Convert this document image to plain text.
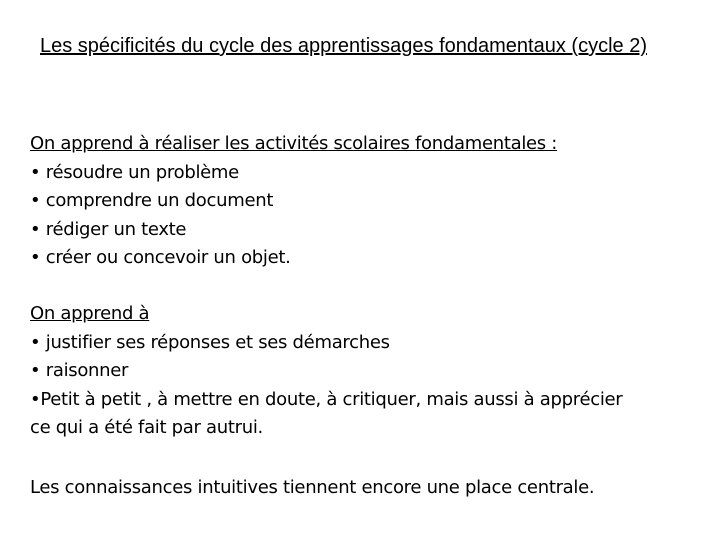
Les spécificités du cycle des apprentissages fondamentaux (cycle 2)
On apprend à réaliser les activités scolaires fondamentales :
• résoudre un problème
• comprendre un document
• rédiger un texte
• créer ou concevoir un objet.
On apprend à
• justifier ses réponses et ses démarches
• raisonner
•Petit à petit , à mettre en doute, à critiquer, mais aussi à apprécier
ce qui a été fait par autrui.
Les connaissances intuitives tiennent encore une place centrale.
